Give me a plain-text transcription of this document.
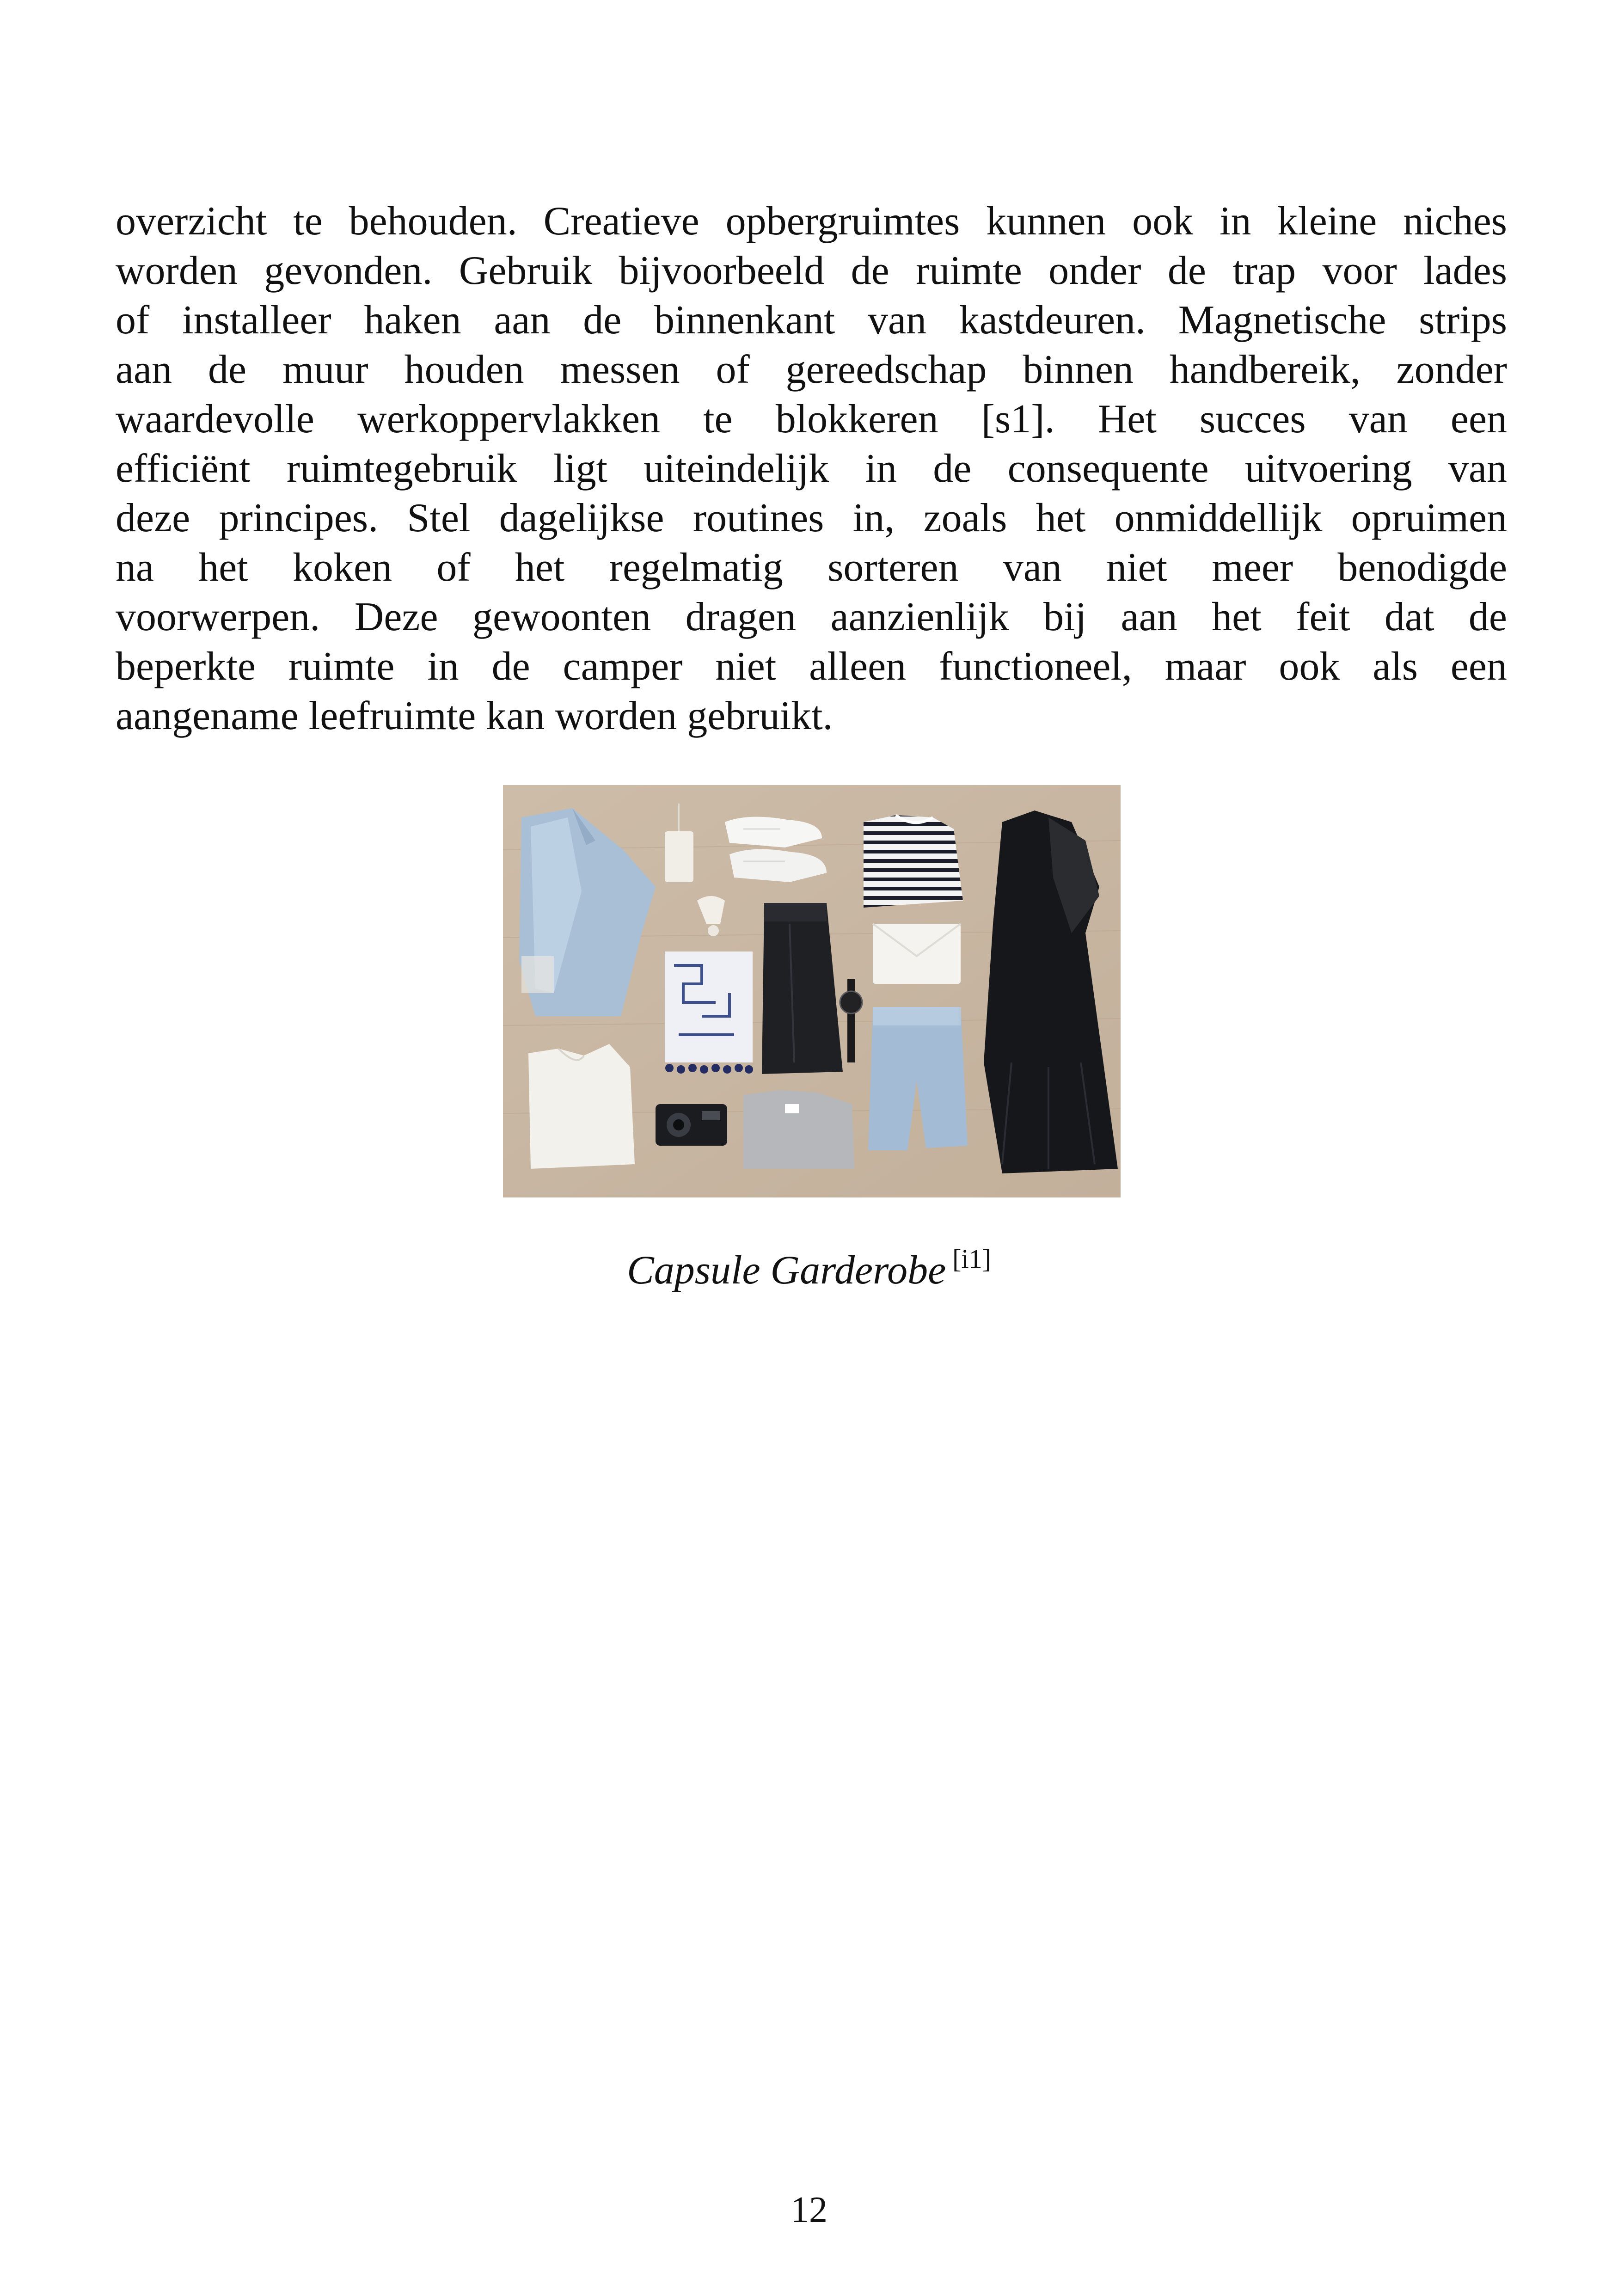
overzicht te behouden. Creatieve opbergruimtes kunnen ook in kleine niches
worden gevonden. Gebruik bijvoorbeeld de ruimte onder de trap voor lades
of installeer haken aan de binnenkant van kastdeuren. Magnetische strips
aan de muur houden messen of gereedschap binnen handbereik, zonder
waardevolle werkoppervlakken te blokkeren [s1]. Het succes van een
efficiënt ruimtegebruik ligt uiteindelijk in de consequente uitvoering van
deze principes. Stel dagelijkse routines in, zoals het onmiddellijk opruimen
na het koken of het regelmatig sorteren van niet meer benodigde
voorwerpen. Deze gewoonten dragen aanzienlijk bij aan het feit dat de
beperkte ruimte in de camper niet alleen functioneel, maar ook als een
aangename leefruimte kan worden gebruikt.
Capsule Garderobe [i1]
12
